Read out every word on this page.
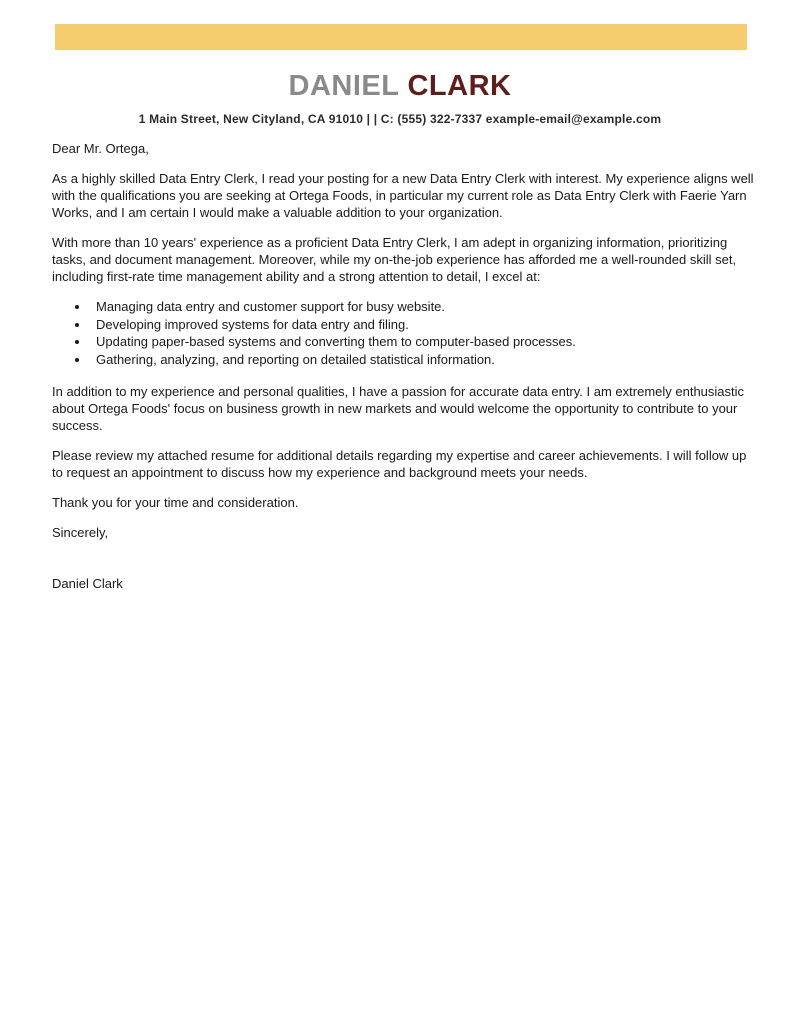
DANIEL CLARK
1 Main Street, New Cityland, CA 91010 | | C: (555) 322-7337 example-email@example.com

Dear Mr. Ortega,

As a highly skilled Data Entry Clerk, I read your posting for a new Data Entry Clerk with interest. My experience aligns well with the qualifications you are seeking at Ortega Foods, in particular my current role as Data Entry Clerk with Faerie Yarn Works, and I am certain I would make a valuable addition to your organization.

With more than 10 years' experience as a proficient Data Entry Clerk, I am adept in organizing information, prioritizing tasks, and document management. Moreover, while my on-the-job experience has afforded me a well-rounded skill set, including first-rate time management ability and a strong attention to detail, I excel at:

• Managing data entry and customer support for busy website.
• Developing improved systems for data entry and filing.
• Updating paper-based systems and converting them to computer-based processes.
• Gathering, analyzing, and reporting on detailed statistical information.

In addition to my experience and personal qualities, I have a passion for accurate data entry. I am extremely enthusiastic about Ortega Foods' focus on business growth in new markets and would welcome the opportunity to contribute to your success.

Please review my attached resume for additional details regarding my expertise and career achievements. I will follow up to request an appointment to discuss how my experience and background meets your needs.

Thank you for your time and consideration.

Sincerely,

Daniel Clark
